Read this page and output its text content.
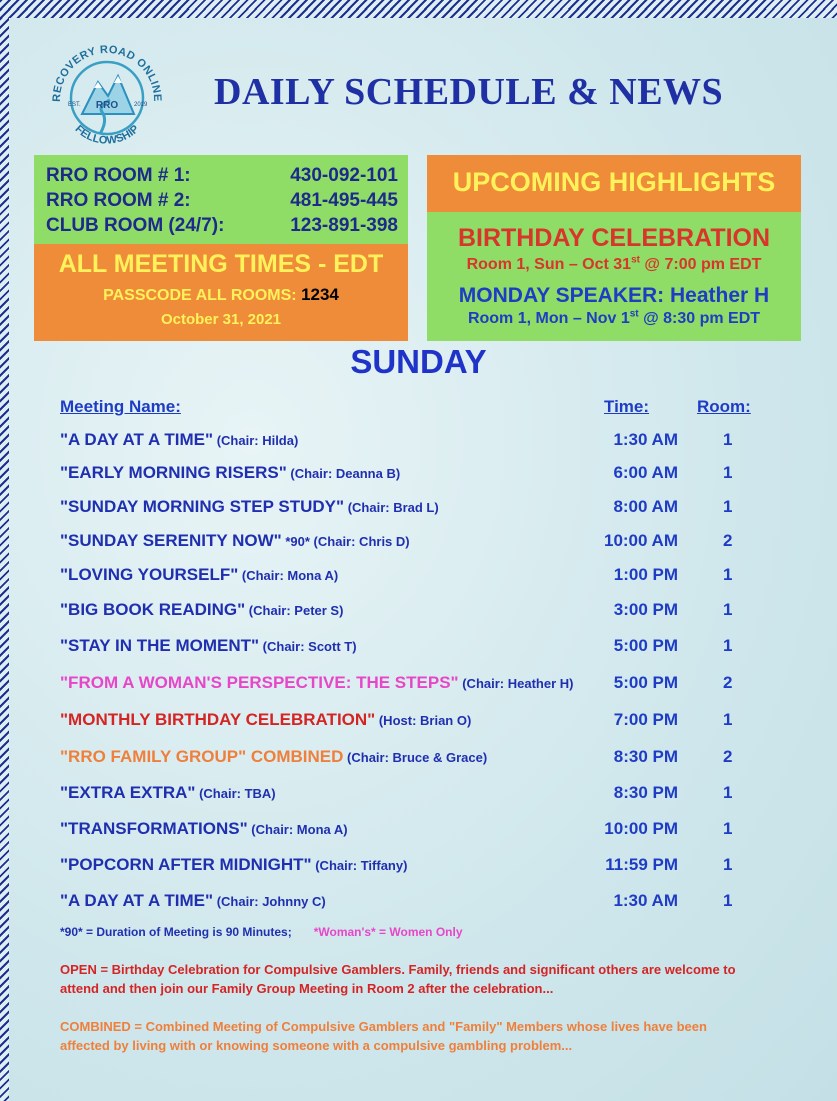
RECOVERY ROAD ONLINE
FELLOWSHIP
RRO
EST.	2019 DAILY SCHEDULE & NEWS
RRO ROOM # 1:	430-092-101
RRO ROOM # 2:	481-495-445
CLUB ROOM (24/7):	123-891-398
ALL MEETING TIMES - EDT
PASSCODE ALL ROOMS: 1234
October 31, 2021
UPCOMING HIGHLIGHTS
BIRTHDAY CELEBRATION
Room 1, Sun – Oct 31st @ 7:00 pm EDT
MONDAY SPEAKER: Heather H
Room 1, Mon – Nov 1st @ 8:30 pm EDT
SUNDAY
Meeting Name:	Time:	Room:
"A DAY AT A TIME" (Chair: Hilda)	1:30 AM	1
"EARLY MORNING RISERS" (Chair: Deanna B)	6:00 AM	1
"SUNDAY MORNING STEP STUDY" (Chair: Brad L)	8:00 AM	1
"SUNDAY SERENITY NOW" *90* (Chair: Chris D)	10:00 AM	2
"LOVING YOURSELF" (Chair: Mona A)	1:00 PM	1
"BIG BOOK READING" (Chair: Peter S)	3:00 PM	1
"STAY IN THE MOMENT" (Chair: Scott T)	5:00 PM	1
"FROM A WOMAN'S PERSPECTIVE: THE STEPS" (Chair: Heather H) 5:00 PM	2
"MONTHLY BIRTHDAY CELEBRATION" (Host: Brian O)	7:00 PM	1
"RRO FAMILY GROUP" COMBINED (Chair: Bruce & Grace)	8:30 PM	2
"EXTRA EXTRA" (Chair: TBA)	8:30 PM	1
"TRANSFORMATIONS" (Chair: Mona A)	10:00 PM	1
"POPCORN AFTER MIDNIGHT" (Chair: Tiffany)	11:59 PM	1
"A DAY AT A TIME" (Chair: Johnny C)	1:30 AM	1
*90* = Duration of Meeting is 90 Minutes; *Woman's* = Women Only
OPEN = Birthday Celebration for Compulsive Gamblers. Family, friends and significant others are welcome to attend and then join our Family Group Meeting in Room 2 after the celebration...
COMBINED = Combined Meeting of Compulsive Gamblers and "Family" Members whose lives have been affected by living with or knowing someone with a compulsive gambling problem...
